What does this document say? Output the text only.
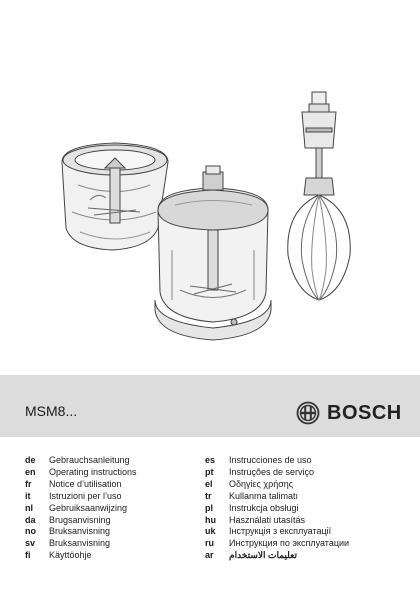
MSM8...	BOSCH
de	Gebrauchsanleitung
en	Operating instructions
fr	Notice d’utilisation
it	Istruzioni per l’uso
nl	Gebruiksaanwijzing
da	Brugsanvisning
no	Bruksanvisning
sv	Bruksanvisning
fi	Käyttöohje
es	Instrucciones de uso
pt	Instruções de serviço
el	Οδηγίες χρήσης
tr	Kullanma talimatı
pl	Instrukcja obsługi
hu	Használati utasítás
uk	Інструкція з експлуатації
ru	Инструкция по эксплуатации
ar	تعليمات الاستخدام
